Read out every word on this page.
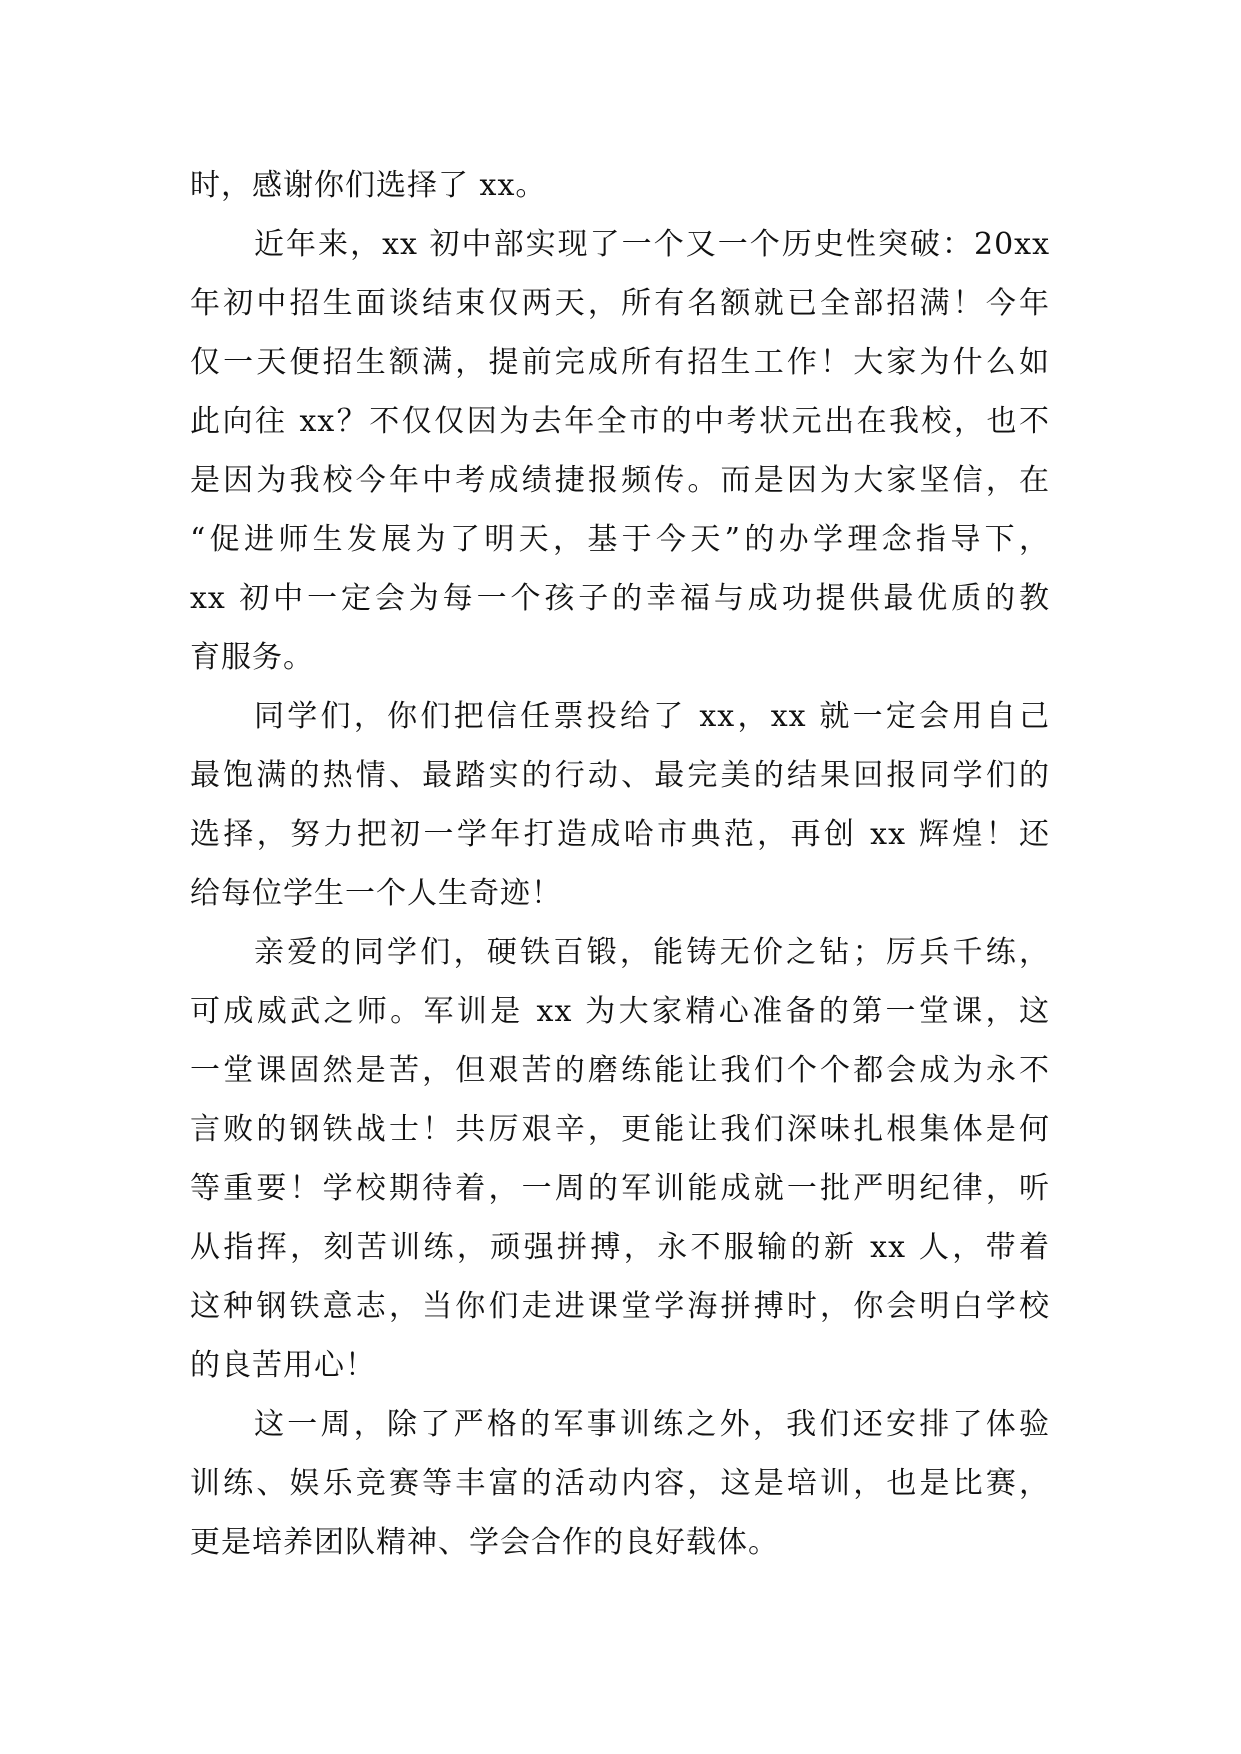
时，感谢你们选择了 xx。
近年来，xx 初中部实现了一个又一个历史性突破：20xx
年初中招生面谈结束仅两天，所有名额就已全部招满！今年
仅一天便招生额满，提前完成所有招生工作！大家为什么如
此向往 xx？不仅仅因为去年全市的中考状元出在我校，也不
是因为我校今年中考成绩捷报频传。而是因为大家坚信，在
“促进师生发展为了明天，基于今天”的办学理念指导下，
xx 初中一定会为每一个孩子的幸福与成功提供最优质的教
育服务。
同学们，你们把信任票投给了 xx，xx 就一定会用自己
最饱满的热情、最踏实的行动、最完美的结果回报同学们的
选择，努力把初一学年打造成哈市典范，再创 xx 辉煌！还
给每位学生一个人生奇迹！
亲爱的同学们，硬铁百锻，能铸无价之钻；厉兵千练，
可成威武之师。军训是 xx 为大家精心准备的第一堂课，这
一堂课固然是苦，但艰苦的磨练能让我们个个都会成为永不
言败的钢铁战士！共厉艰辛，更能让我们深味扎根集体是何
等重要！学校期待着，一周的军训能成就一批严明纪律，听
从指挥，刻苦训练，顽强拼搏，永不服输的新 xx 人，带着
这种钢铁意志，当你们走进课堂学海拼搏时，你会明白学校
的良苦用心！
这一周，除了严格的军事训练之外，我们还安排了体验
训练、娱乐竞赛等丰富的活动内容，这是培训，也是比赛，
更是培养团队精神、学会合作的良好载体。
